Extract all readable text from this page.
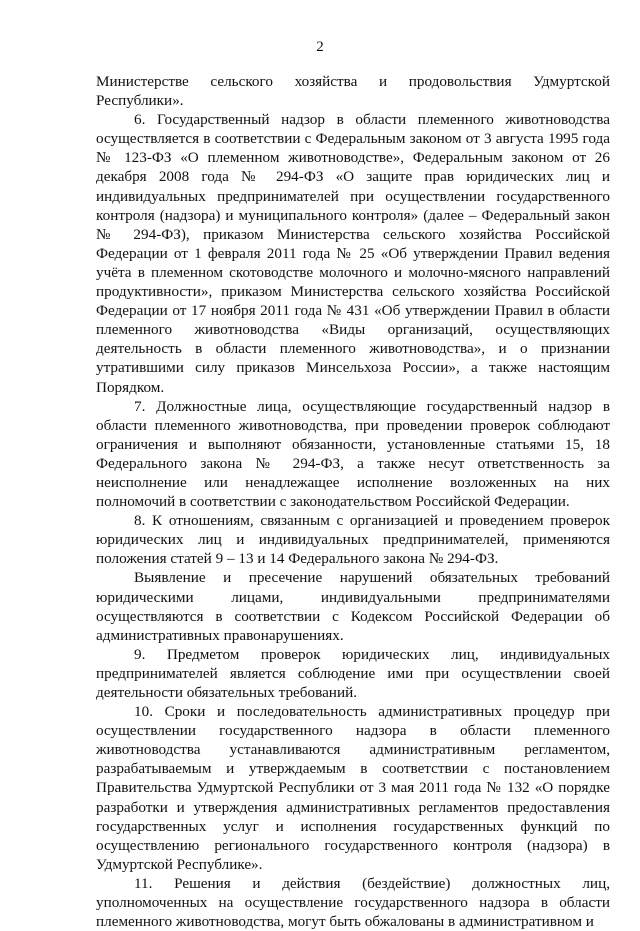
2

Министерстве сельского хозяйства и продовольствия Удмуртской Республики».

6. Государственный надзор в области племенного животноводства осуществляется в соответствии с Федеральным законом от 3 августа 1995 года № 123-ФЗ «О племенном животноводстве», Федеральным законом от 26 декабря 2008 года № 294-ФЗ «О защите прав юридических лиц и индивидуальных предпринимателей при осуществлении государственного контроля (надзора) и муниципального контроля» (далее – Федеральный закон № 294-ФЗ), приказом Министерства сельского хозяйства Российской Федерации от 1 февраля 2011 года № 25 «Об утверждении Правил ведения учёта в племенном скотоводстве молочного и молочно-мясного направлений продуктивности», приказом Министерства сельского хозяйства Российской Федерации от 17 ноября 2011 года № 431 «Об утверждении Правил в области племенного животноводства «Виды организаций, осуществляющих деятельность в области племенного животноводства», и о признании утратившими силу приказов Минсельхоза России», а также настоящим Порядком.

7. Должностные лица, осуществляющие государственный надзор в области племенного животноводства, при проведении проверок соблюдают ограничения и выполняют обязанности, установленные статьями 15, 18 Федерального закона № 294-ФЗ, а также несут ответственность за неисполнение или ненадлежащее исполнение возложенных на них полномочий в соответствии с законодательством Российской Федерации.

8. К отношениям, связанным с организацией и проведением проверок юридических лиц и индивидуальных предпринимателей, применяются положения статей 9 – 13 и 14 Федерального закона № 294-ФЗ.

Выявление и пресечение нарушений обязательных требований юридическими лицами, индивидуальными предпринимателями осуществляются в соответствии с Кодексом Российской Федерации об административных правонарушениях.

9. Предметом проверок юридических лиц, индивидуальных предпринимателей является соблюдение ими при осуществлении своей деятельности обязательных требований.

10. Сроки и последовательность административных процедур при осуществлении государственного надзора в области племенного животноводства устанавливаются административным регламентом, разрабатываемым и утверждаемым в соответствии с постановлением Правительства Удмуртской Республики от 3 мая 2011 года № 132 «О порядке разработки и утверждения административных регламентов предоставления государственных услуг и исполнения государственных функций по осуществлению регионального государственного контроля (надзора) в Удмуртской Республике».

11. Решения и действия (бездействие) должностных лиц, уполномоченных на осуществление государственного надзора в области племенного животноводства, могут быть обжалованы в административном и
